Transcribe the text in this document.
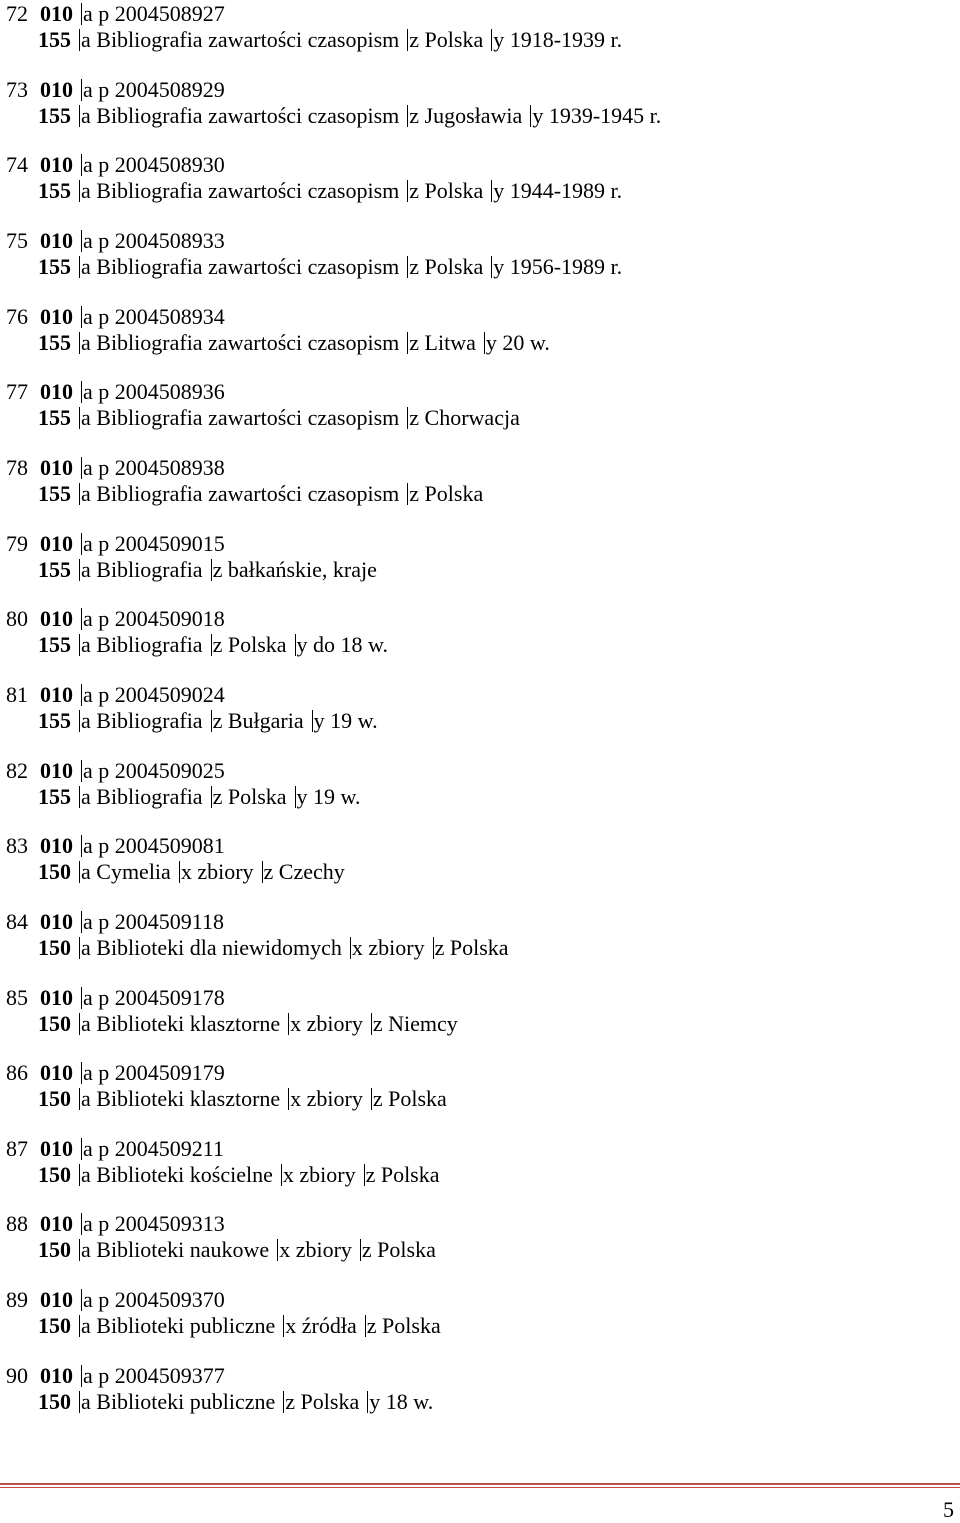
72 010 a p 2004508927
155 a Bibliografia zawartości czasopism z Polska y 1918-1939 r.
73 010 a p 2004508929
155 a Bibliografia zawartości czasopism z Jugosławia y 1939-1945 r.
74 010 a p 2004508930
155 a Bibliografia zawartości czasopism z Polska y 1944-1989 r.
75 010 a p 2004508933
155 a Bibliografia zawartości czasopism z Polska y 1956-1989 r.
76 010 a p 2004508934
155 a Bibliografia zawartości czasopism z Litwa y 20 w.
77 010 a p 2004508936
155 a Bibliografia zawartości czasopism z Chorwacja
78 010 a p 2004508938
155 a Bibliografia zawartości czasopism z Polska
79 010 a p 2004509015
155 a Bibliografia z bałkańskie, kraje
80 010 a p 2004509018
155 a Bibliografia z Polska y do 18 w.
81 010 a p 2004509024
155 a Bibliografia z Bułgaria y 19 w.
82 010 a p 2004509025
155 a Bibliografia z Polska y 19 w.
83 010 a p 2004509081
150 a Cymelia x zbiory z Czechy
84 010 a p 2004509118
150 a Biblioteki dla niewidomych x zbiory z Polska
85 010 a p 2004509178
150 a Biblioteki klasztorne x zbiory z Niemcy
86 010 a p 2004509179
150 a Biblioteki klasztorne x zbiory z Polska
87 010 a p 2004509211
150 a Biblioteki kościelne x zbiory z Polska
88 010 a p 2004509313
150 a Biblioteki naukowe x zbiory z Polska
89 010 a p 2004509370
150 a Biblioteki publiczne x źródła z Polska
90 010 a p 2004509377
150 a Biblioteki publiczne z Polska y 18 w.
5
